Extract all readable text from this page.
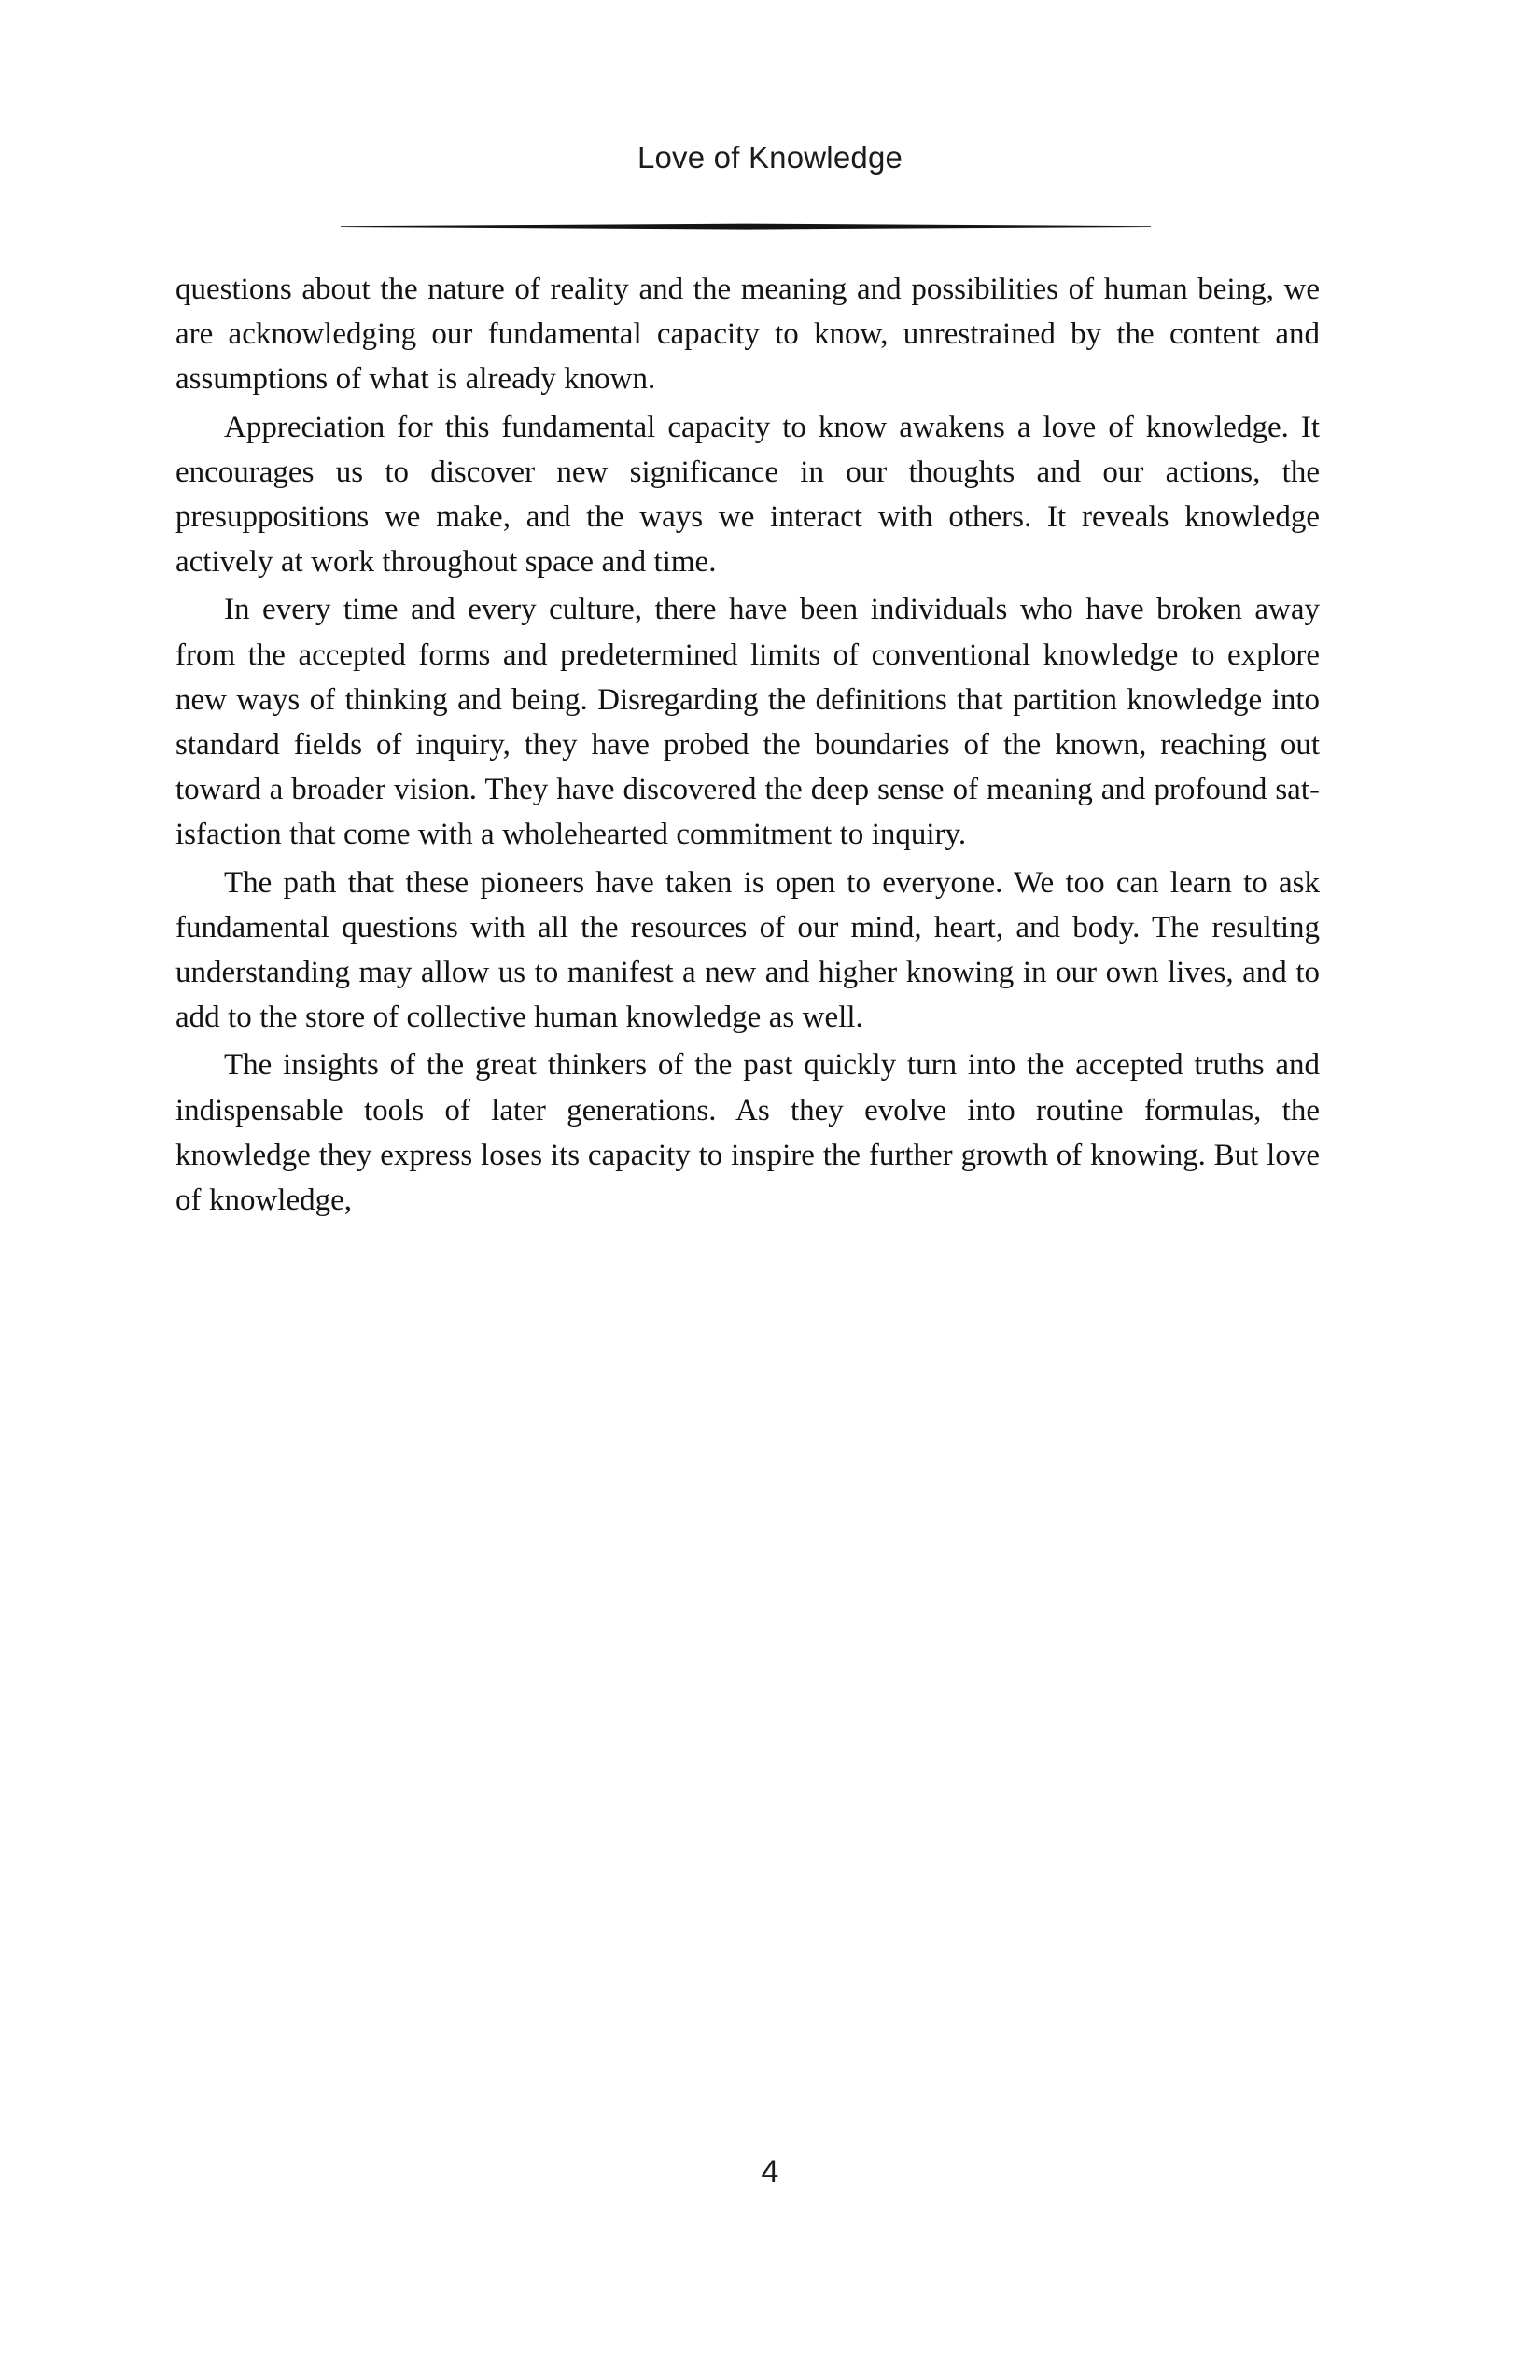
Love of Knowledge

questions about the nature of reality and the meaning and possibilities of human being, we are acknowledging our fundamental capacity to know, unrestrained by the content and assumptions of what is already known.

Appreciation for this fundamental capacity to know awakens a love of knowledge. It encourages us to discover new significance in our thoughts and our actions, the presuppositions we make, and the ways we interact with others. It reveals knowledge actively at work throughout space and time.

In every time and every culture, there have been individuals who have broken away from the accepted forms and predetermined limits of conventional knowledge to explore new ways of thinking and being. Disregarding the definitions that partition knowledge into standard fields of inquiry, they have probed the boundaries of the known, reaching out toward a broader vision. They have discovered the deep sense of meaning and profound satisfaction that come with a wholehearted commitment to inquiry.

The path that these pioneers have taken is open to everyone. We too can learn to ask fundamental questions with all the resources of our mind, heart, and body. The resulting understanding may allow us to manifest a new and higher knowing in our own lives, and to add to the store of collective human knowledge as well.

The insights of the great thinkers of the past quickly turn into the accepted truths and indispensable tools of later generations. As they evolve into routine formulas, the knowledge they express loses its capacity to inspire the further growth of knowing. But love of knowledge,

4
